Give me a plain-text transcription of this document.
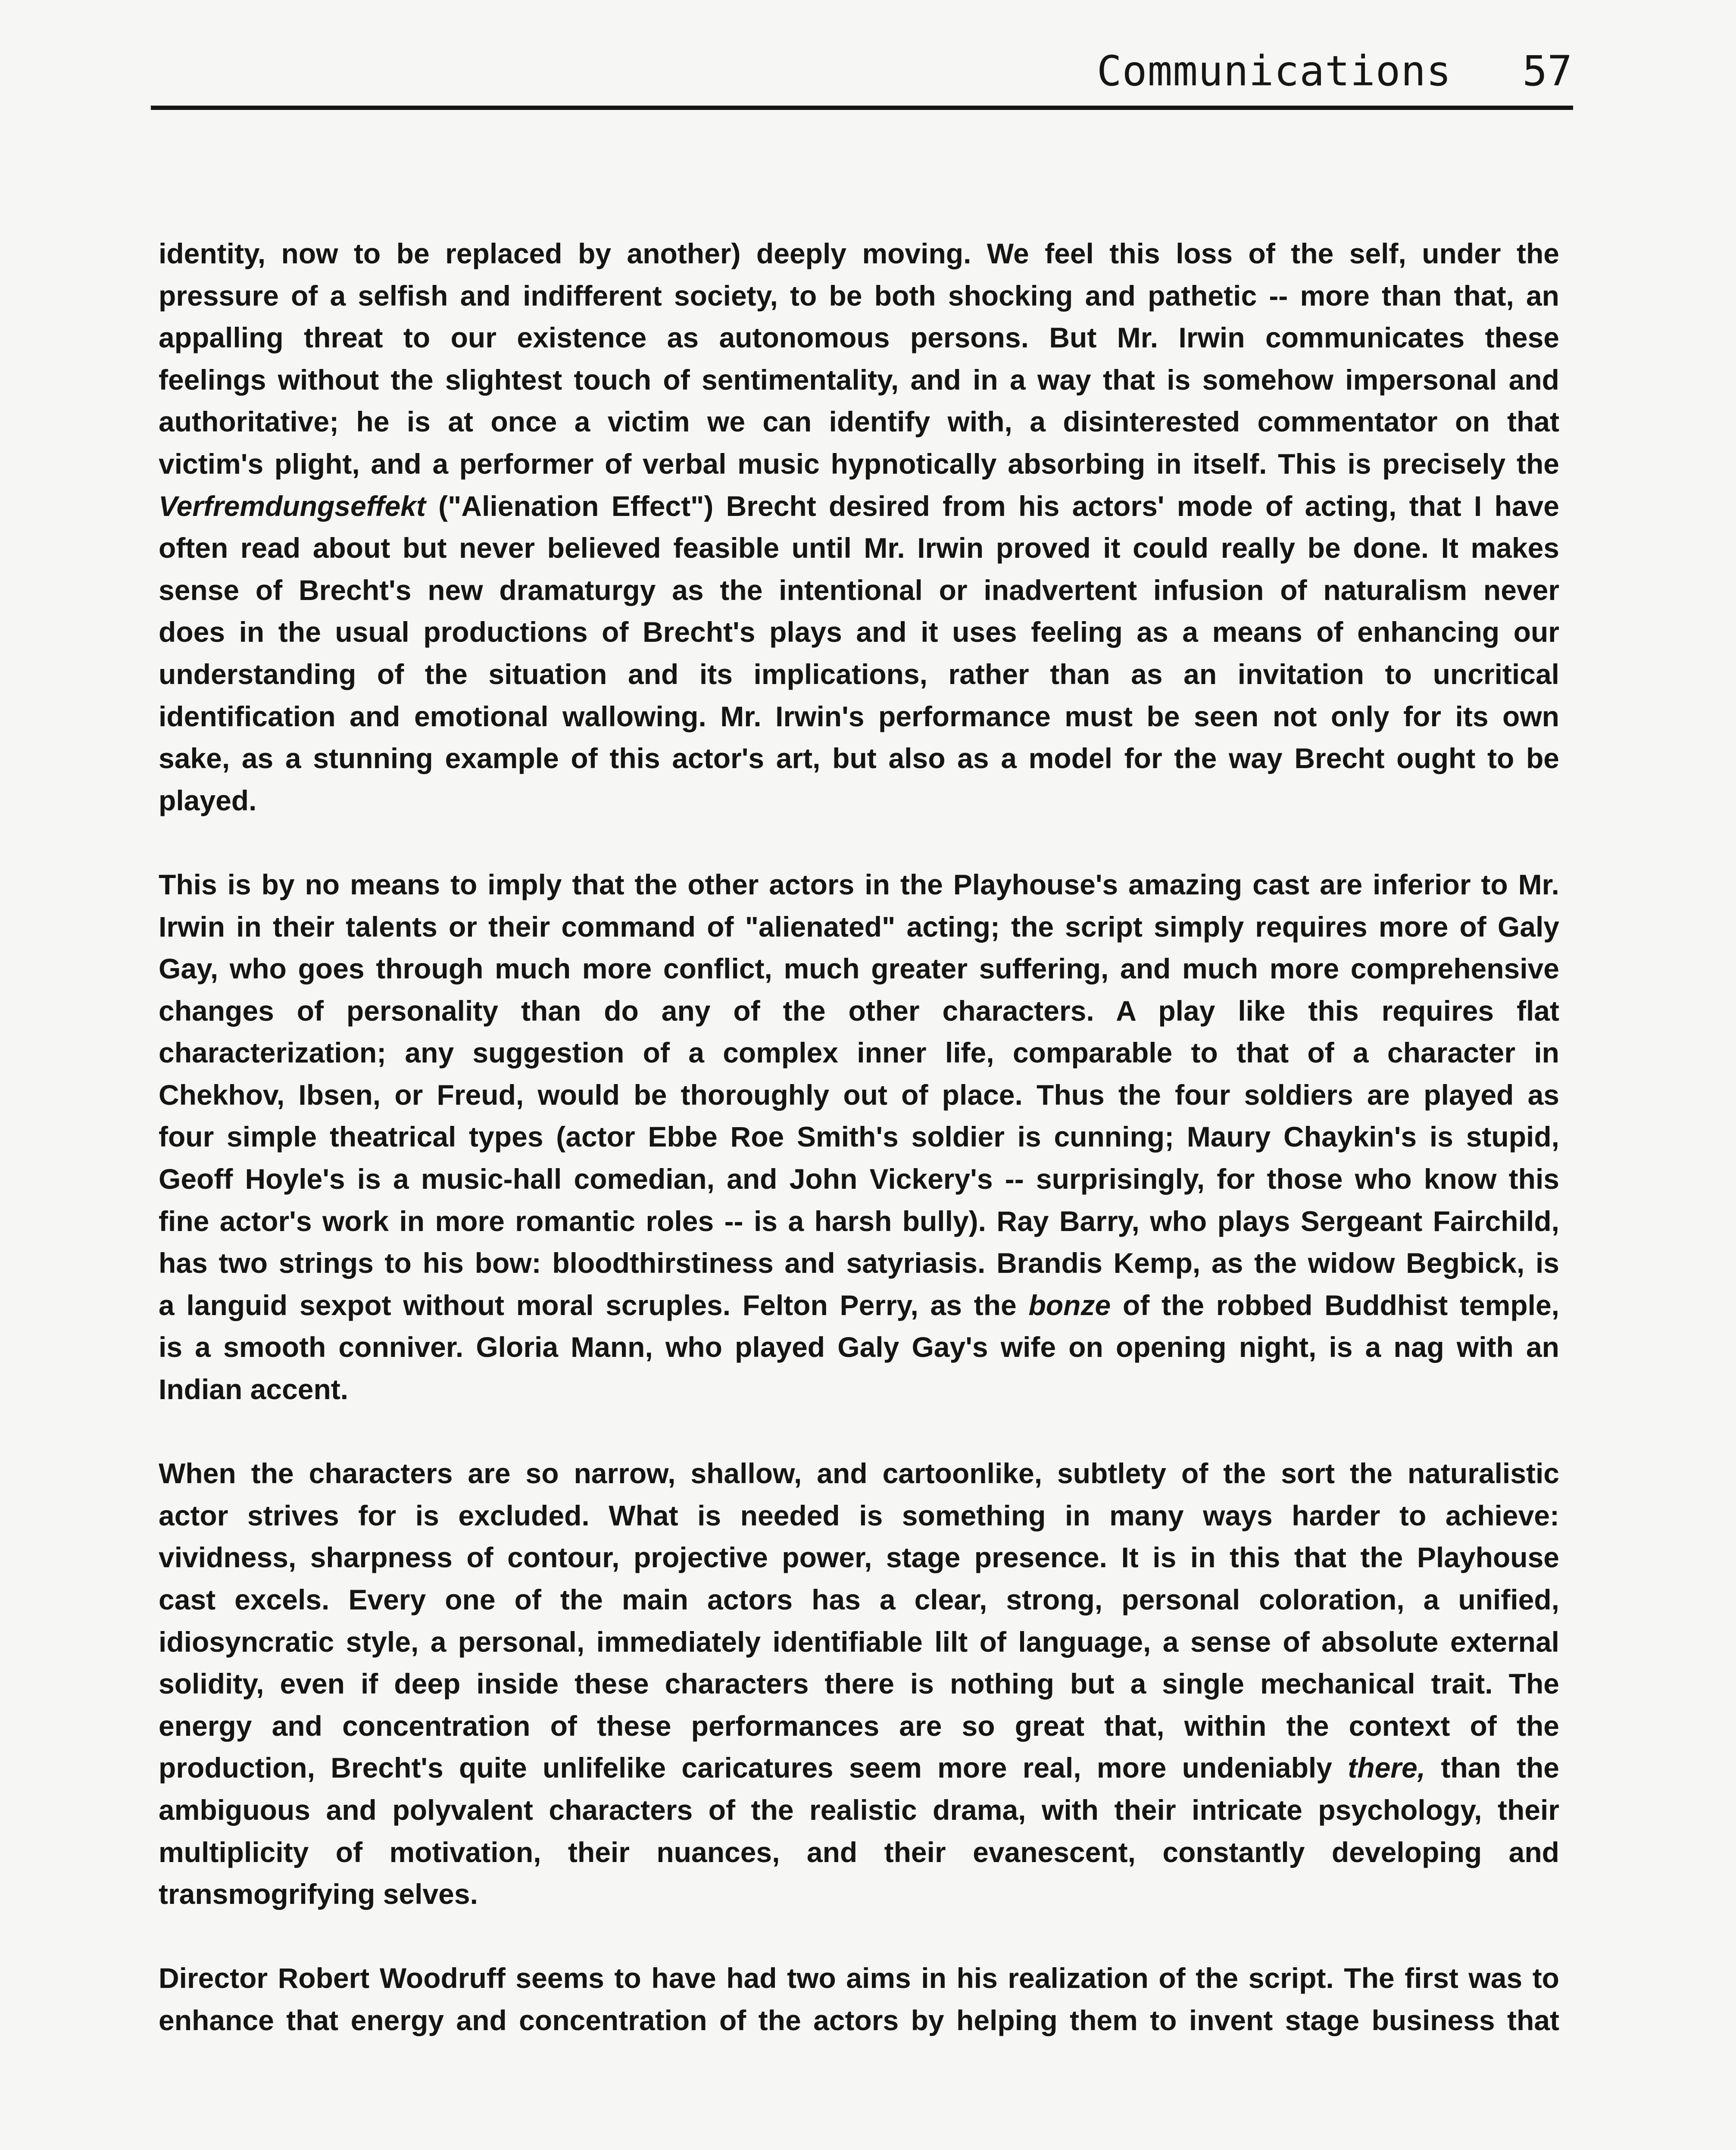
Communications 57
identity, now to be replaced by another) deeply moving. We feel this loss of the self, under the
pressure of a selfish and indifferent society, to be both shocking and pathetic -- more than that, an
appalling threat to our existence as autonomous persons. But Mr. Irwin communicates these
feelings without the slightest touch of sentimentality, and in a way that is somehow impersonal and
authoritative; he is at once a victim we can identify with, a disinterested commentator on that
victim's plight, and a performer of verbal music hypnotically absorbing in itself. This is precisely the
Verfremdungseffekt ("Alienation Effect") Brecht desired from his actors' mode of acting, that I have
often read about but never believed feasible until Mr. Irwin proved it could really be done. It makes
sense of Brecht's new dramaturgy as the intentional or inadvertent infusion of naturalism never
does in the usual productions of Brecht's plays and it uses feeling as a means of enhancing our
understanding of the situation and its implications, rather than as an invitation to uncritical
identification and emotional wallowing. Mr. Irwin's performance must be seen not only for its own
sake, as a stunning example of this actor's art, but also as a model for the way Brecht ought to be
played.
This is by no means to imply that the other actors in the Playhouse's amazing cast are inferior to Mr.
Irwin in their talents or their command of "alienated" acting; the script simply requires more of Galy
Gay, who goes through much more conflict, much greater suffering, and much more comprehensive
changes of personality than do any of the other characters. A play like this requires flat
characterization; any suggestion of a complex inner life, comparable to that of a character in
Chekhov, Ibsen, or Freud, would be thoroughly out of place. Thus the four soldiers are played as
four simple theatrical types (actor Ebbe Roe Smith's soldier is cunning; Maury Chaykin's is stupid,
Geoff Hoyle's is a music-hall comedian, and John Vickery's -- surprisingly, for those who know this
fine actor's work in more romantic roles -- is a harsh bully). Ray Barry, who plays Sergeant Fairchild,
has two strings to his bow: bloodthirstiness and satyriasis. Brandis Kemp, as the widow Begbick, is
a languid sexpot without moral scruples. Felton Perry, as the bonze of the robbed Buddhist temple,
is a smooth conniver. Gloria Mann, who played Galy Gay's wife on opening night, is a nag with an
Indian accent.
When the characters are so narrow, shallow, and cartoonlike, subtlety of the sort the naturalistic
actor strives for is excluded. What is needed is something in many ways harder to achieve:
vividness, sharpness of contour, projective power, stage presence. It is in this that the Playhouse
cast excels. Every one of the main actors has a clear, strong, personal coloration, a unified,
idiosyncratic style, a personal, immediately identifiable lilt of language, a sense of absolute external
solidity, even if deep inside these characters there is nothing but a single mechanical trait. The
energy and concentration of these performances are so great that, within the context of the
production, Brecht's quite unlifelike caricatures seem more real, more undeniably there, than the
ambiguous and polyvalent characters of the realistic drama, with their intricate psychology, their
multiplicity of motivation, their nuances, and their evanescent, constantly developing and
transmogrifying selves.
Director Robert Woodruff seems to have had two aims in his realization of the script. The first was to
enhance that energy and concentration of the actors by helping them to invent stage business that
